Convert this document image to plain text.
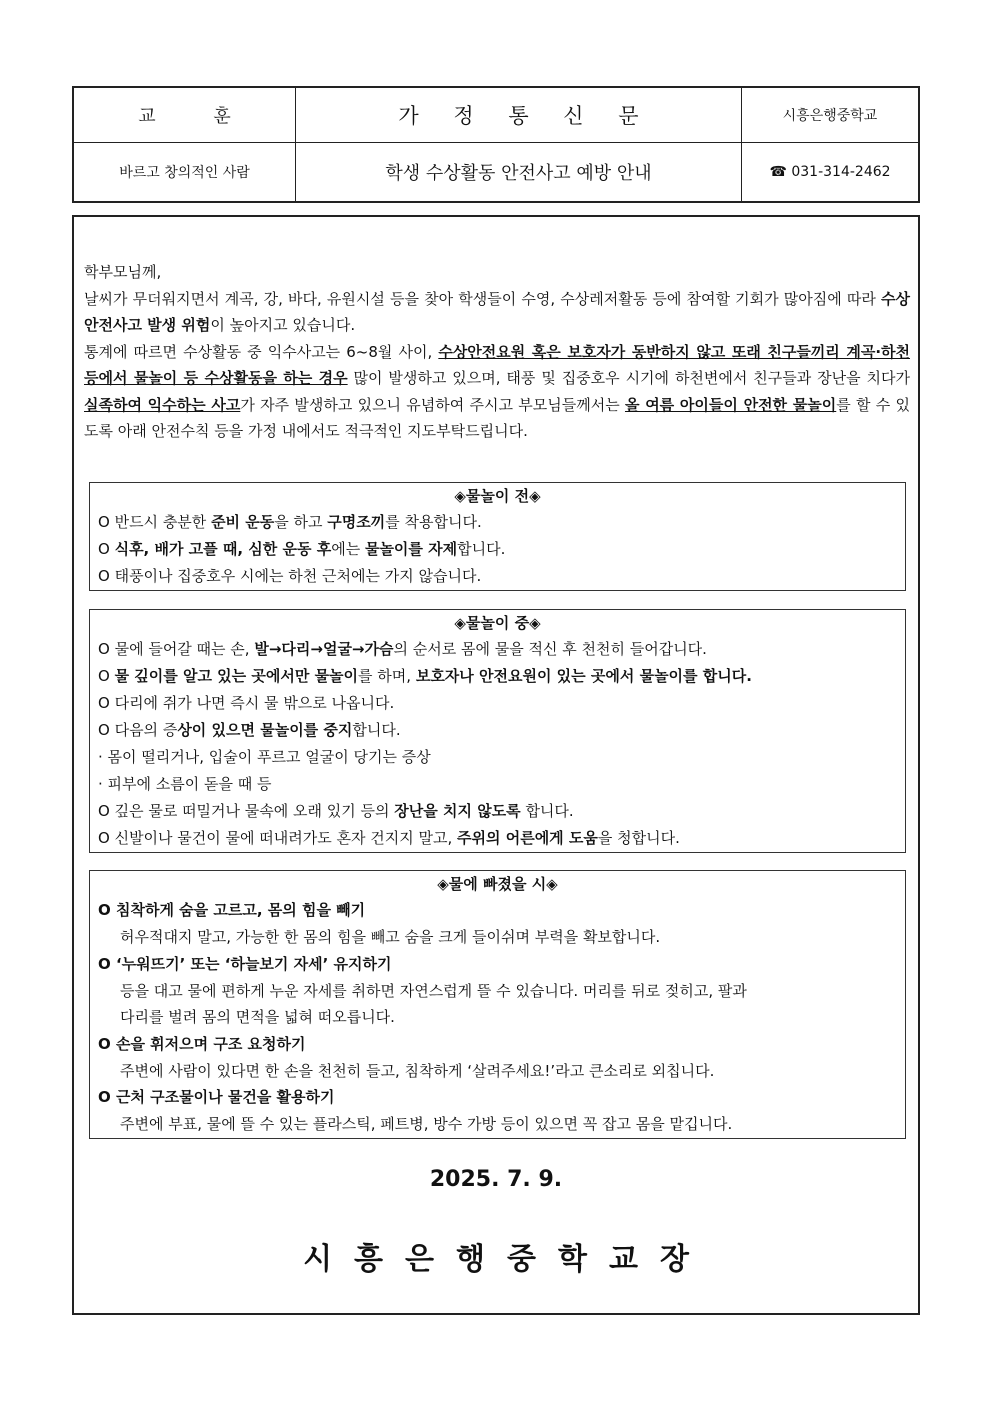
교 훈	가 정 통 신 문	시흥은행중학교
바르고 창의적인 사람	학생 수상활동 안전사고 예방 안내	☎ 031-314-2462

학부모님께,

날씨가 무더워지면서 계곡, 강, 바다, 유원시설 등을 찾아 학생들이 수영, 수상레저활동 등에 참여할 기회가 많아짐에 따라 수상 안전사고 발생 위험이 높아지고 있습니다.

통계에 따르면 수상활동 중 익수사고는 6~8월 사이, 수상안전요원 혹은 보호자가 동반하지 않고 또래 친구들끼리 계곡·하천 등에서 물놀이 등 수상활동을 하는 경우 많이 발생하고 있으며, 태풍 및 집중호우 시기에 하천변에서 친구들과 장난을 치다가 실족하여 익수하는 사고가 자주 발생하고 있으니 유념하여 주시고 부모님들께서는 올 여름 아이들이 안전한 물놀이를 할 수 있도록 아래 안전수칙 등을 가정 내에서도 적극적인 지도부탁드립니다.

◈물놀이 전◈
O 반드시 충분한 준비 운동을 하고 구명조끼를 착용합니다.
O 식후, 배가 고플 때, 심한 운동 후에는 물놀이를 자제합니다.
O 태풍이나 집중호우 시에는 하천 근처에는 가지 않습니다.
◈물놀이 중◈
O 물에 들어갈 때는 손, 발→다리→얼굴→가슴의 순서로 몸에 물을 적신 후 천천히 들어갑니다.
O 물 깊이를 알고 있는 곳에서만 물놀이를 하며, 보호자나 안전요원이 있는 곳에서 물놀이를 합니다.
O 다리에 쥐가 나면 즉시 물 밖으로 나옵니다.
O 다음의 증상이 있으면 물놀이를 중지합니다.
· 몸이 떨리거나, 입술이 푸르고 얼굴이 당기는 증상
· 피부에 소름이 돋을 때 등
O 깊은 물로 떠밀거나 물속에 오래 있기 등의 장난을 치지 않도록 합니다.
O 신발이나 물건이 물에 떠내려가도 혼자 건지지 말고, 주위의 어른에게 도움을 청합니다.
◈물에 빠졌을 시◈
O 침착하게 숨을 고르고, 몸의 힘을 빼기
허우적대지 말고, 가능한 한 몸의 힘을 빼고 숨을 크게 들이쉬며 부력을 확보합니다.
O ‘누워뜨기’ 또는 ‘하늘보기 자세’ 유지하기
등을 대고 물에 편하게 누운 자세를 취하면 자연스럽게 뜰 수 있습니다. 머리를 뒤로 젖히고, 팔과
다리를 벌려 몸의 면적을 넓혀 떠오릅니다.
O 손을 휘저으며 구조 요청하기
주변에 사람이 있다면 한 손을 천천히 들고, 침착하게 ‘살려주세요!’라고 큰소리로 외칩니다.
O 근처 구조물이나 물건을 활용하기
주변에 부표, 물에 뜰 수 있는 플라스틱, 페트병, 방수 가방 등이 있으면 꼭 잡고 몸을 맡깁니다.
2025. 7. 9.
시흥은행중학교장
